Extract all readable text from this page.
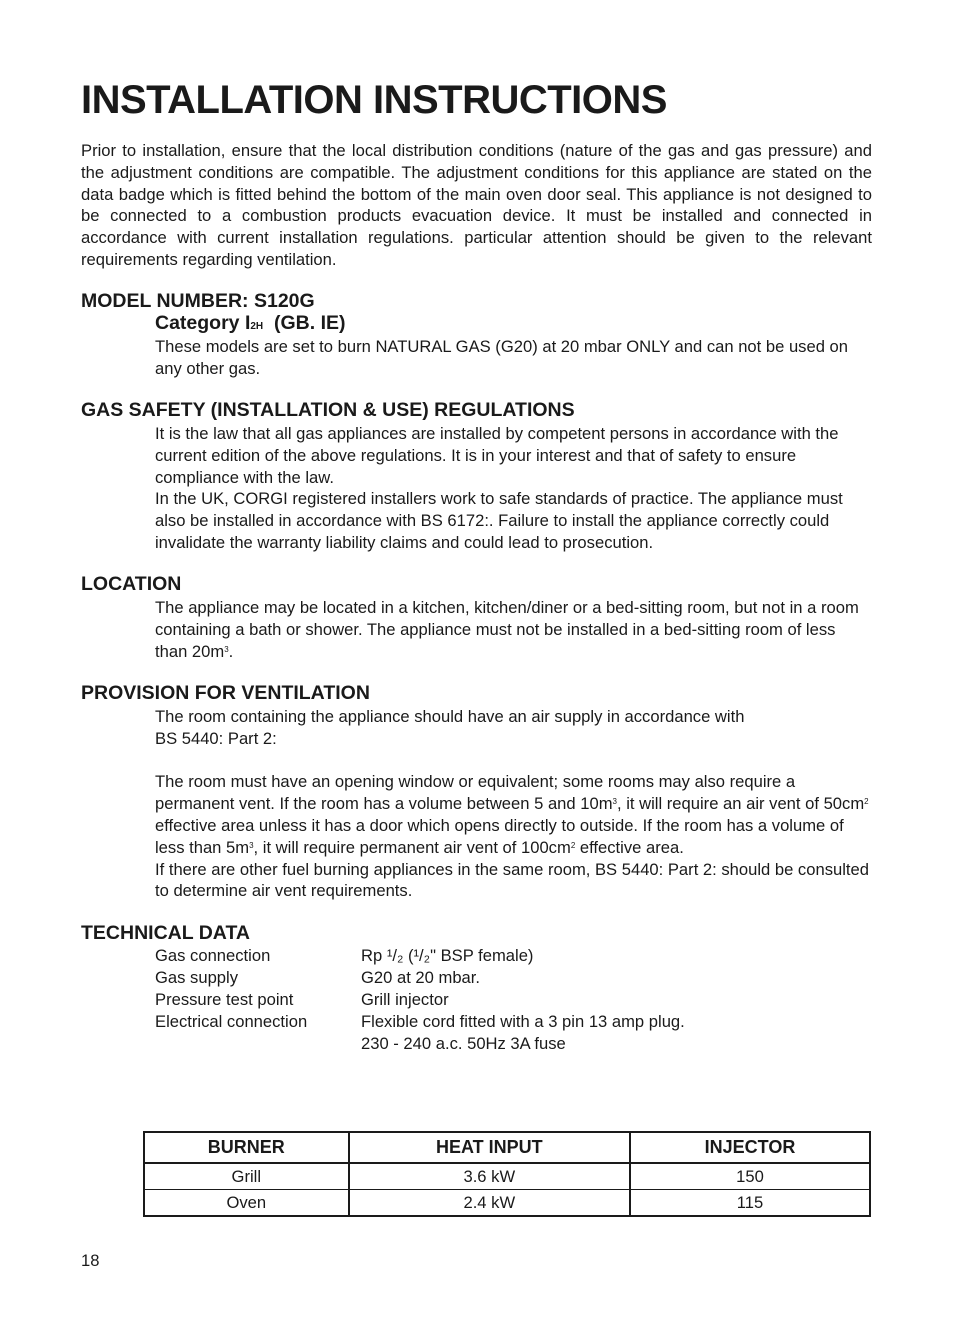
INSTALLATION INSTRUCTIONS

Prior to installation, ensure that the local distribution conditions (nature of the gas and gas pressure) and the adjustment conditions are compatible. The adjustment conditions for this appliance are stated on the data badge which is fitted behind the bottom of the main oven door seal. This appliance is not designed to be connected to a combustion products evacuation device. It must be installed and connected in accordance with current installation regulations. particular attention should be given to the relevant requirements regarding ventilation.

MODEL NUMBER: S120G
Category I2H  (GB. IE)
These models are set to burn NATURAL GAS (G20) at 20 mbar ONLY and can not be used on any other gas.
GAS SAFETY (INSTALLATION & USE) REGULATIONS

It is the law that all gas appliances are installed by competent persons in accordance with the current edition of the above regulations. It is in your interest and that of safety to ensure compliance with the law.

In the UK, CORGI registered installers work to safe standards of practice. The appliance must also be installed in accordance with BS 6172:. Failure to install the appliance correctly could invalidate the warranty liability claims and could lead to prosecution.

LOCATION
The appliance may be located in a kitchen, kitchen/diner or a bed-sitting room, but not in a room containing a bath or shower. The appliance must not be installed in a bed-sitting room of less than $20m^3$.
PROVISION FOR VENTILATION

The room containing the appliance should have an air supply in accordance with

BS 5440: Part 2:

The room must have an opening window or equivalent; some rooms may also require a permanent vent. If the room has a volume between 5 and $10m^3$, it will require an air vent of $50cm^2$ effective area unless it has a door which opens directly to outside. If the room has a volume of less than $5m^3$, it will require permanent air vent of $100cm^2$ effective area.

If there are other fuel burning appliances in the same room, BS 5440: Part 2: should be consulted to determine air vent requirements.

TECHNICAL DATA
Gas connection	Rp ¹/₂ (¹/₂" BSP female)
Gas supply	G20 at 20 mbar.
Pressure test point	Grill injector
Electrical connection	Flexible cord fitted with a 3 pin 13 amp plug.
230 - 240 a.c. 50Hz 3A fuse
BURNER	HEAT INPUT	INJECTOR
Grill	3.6 kW	150
Oven	2.4 kW	115
18
